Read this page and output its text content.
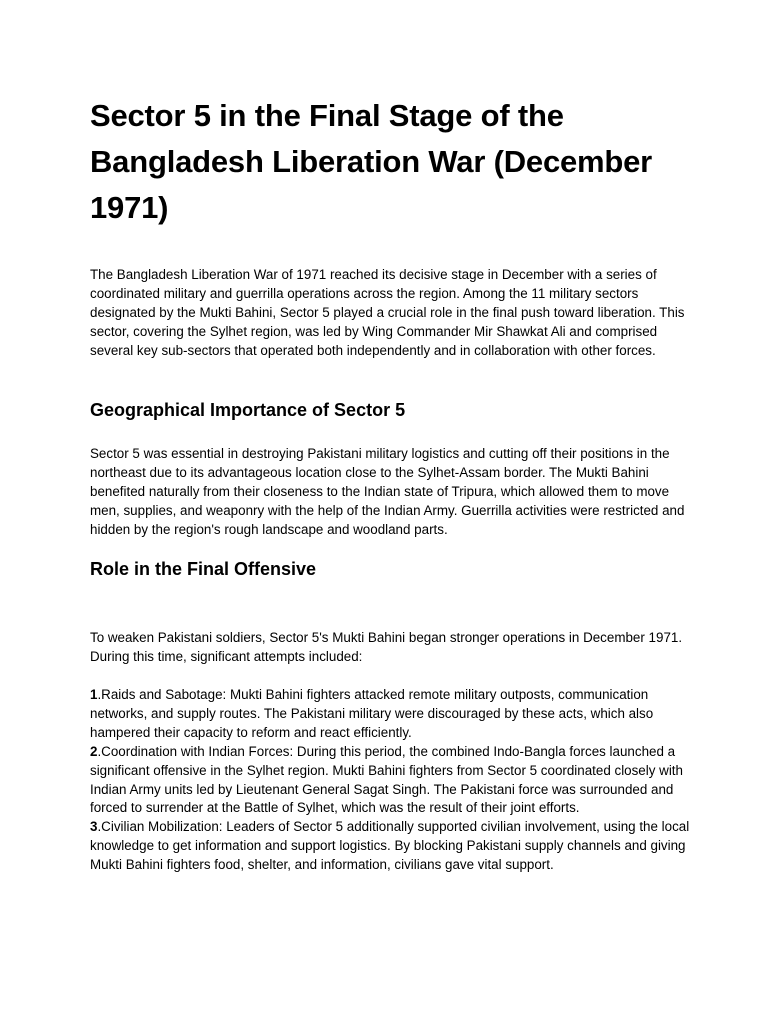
Sector 5 in the Final Stage of the Bangladesh Liberation War (December 1971)

The Bangladesh Liberation War of 1971 reached its decisive stage in December with a series of coordinated military and guerrilla operations across the region. Among the 11 military sectors designated by the Mukti Bahini, Sector 5 played a crucial role in the final push toward liberation. This sector, covering the Sylhet region, was led by Wing Commander Mir Shawkat Ali and comprised several key sub-sectors that operated both independently and in collaboration with other forces.

Geographical Importance of Sector 5

Sector 5 was essential in destroying Pakistani military logistics and cutting off their positions in the northeast due to its advantageous location close to the Sylhet-Assam border. The Mukti Bahini benefited naturally from their closeness to the Indian state of Tripura, which allowed them to move men, supplies, and weaponry with the help of the Indian Army. Guerrilla activities were restricted and hidden by the region's rough landscape and woodland parts.

Role in the Final Offensive

To weaken Pakistani soldiers, Sector 5's Mukti Bahini began stronger operations in December 1971. During this time, significant attempts included:

1.Raids and Sabotage: Mukti Bahini fighters attacked remote military outposts, communication networks, and supply routes. The Pakistani military were discouraged by these acts, which also hampered their capacity to reform and react efficiently.
2.Coordination with Indian Forces: During this period, the combined Indo-Bangla forces launched a significant offensive in the Sylhet region. Mukti Bahini fighters from Sector 5 coordinated closely with Indian Army units led by Lieutenant General Sagat Singh. The Pakistani force was surrounded and forced to surrender at the Battle of Sylhet, which was the result of their joint efforts.
3.Civilian Mobilization: Leaders of Sector 5 additionally supported civilian involvement, using the local knowledge to get information and support logistics. By blocking Pakistani supply channels and giving Mukti Bahini fighters food, shelter, and information, civilians gave vital support.
